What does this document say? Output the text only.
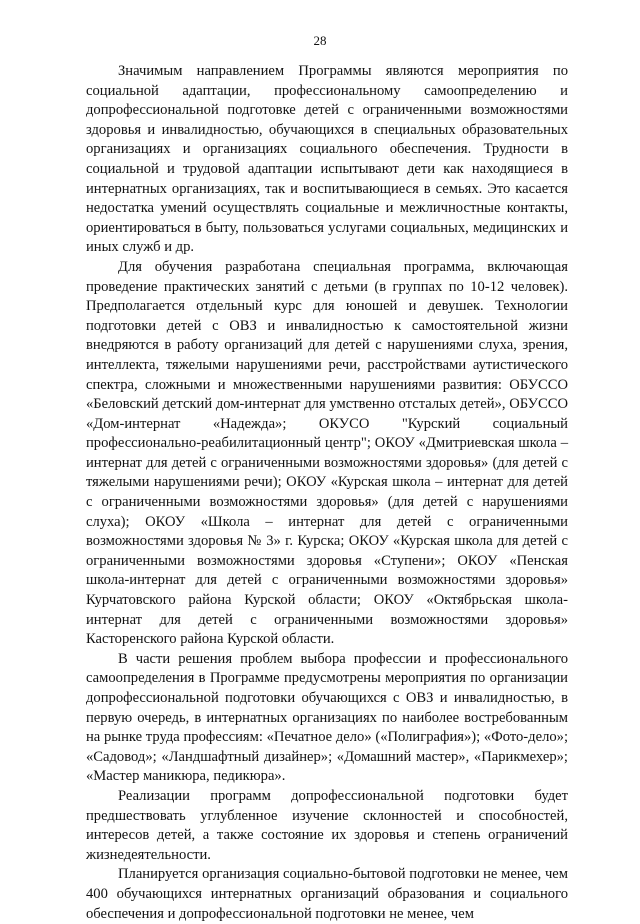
28

Значимым направлением Программы являются мероприятия по социальной адаптации, профессиональному самоопределению и допрофессиональной подготовке детей с ограниченными возможностями здоровья и инвалидностью, обучающихся в специальных образовательных организациях и организациях социального обеспечения. Трудности в социальной и трудовой адаптации испытывают дети как находящиеся в интернатных организациях, так и воспитывающиеся в семьях. Это касается недостатка умений осуществлять социальные и межличностные контакты, ориентироваться в быту, пользоваться услугами социальных, медицинских и иных служб и др.

Для обучения разработана специальная программа, включающая проведение практических занятий с детьми (в группах по 10-12 человек). Предполагается отдельный курс для юношей и девушек. Технологии подготовки детей с ОВЗ и инвалидностью к самостоятельной жизни внедряются в работу организаций для детей с нарушениями слуха, зрения, интеллекта, тяжелыми нарушениями речи, расстройствами аутистического спектра, сложными и множественными нарушениями развития: ОБУССО «Беловский детский дом-интернат для умственно отсталых детей», ОБУССО «Дом-интернат «Надежда»; ОКУСО "Курский социальный профессионально-реабилитационный центр"; ОКОУ «Дмитриевская школа – интернат для детей с ограниченными возможностями здоровья» (для детей с тяжелыми нарушениями речи); ОКОУ «Курская школа – интернат для детей с ограниченными возможностями здоровья» (для детей с нарушениями слуха); ОКОУ «Школа – интернат для детей с ограниченными возможностями здоровья № 3» г. Курска; ОКОУ «Курская школа для детей с ограниченными возможностями здоровья «Ступени»; ОКОУ «Пенская школа-интернат для детей с ограниченными возможностями здоровья» Курчатовского района Курской области; ОКОУ «Октябрьская школа-интернат для детей с ограниченными возможностями здоровья» Касторенского района Курской области.

В части решения проблем выбора профессии и профессионального самоопределения в Программе предусмотрены мероприятия по организации допрофессиональной подготовки обучающихся с ОВЗ и инвалидностью, в первую очередь, в интернатных организациях по наиболее востребованным на рынке труда профессиям: «Печатное дело» («Полиграфия»); «Фото-дело»; «Садовод»; «Ландшафтный дизайнер»; «Домашний мастер», «Парикмехер»; «Мастер маникюра, педикюра».

Реализации программ допрофессиональной подготовки будет предшествовать углубленное изучение склонностей и способностей, интересов детей, а также состояние их здоровья и степень ограничений жизнедеятельности.

Планируется организация социально-бытовой подготовки не менее, чем 400 обучающихся интернатных организаций образования и социального обеспечения и допрофессиональной подготовки не менее, чем
